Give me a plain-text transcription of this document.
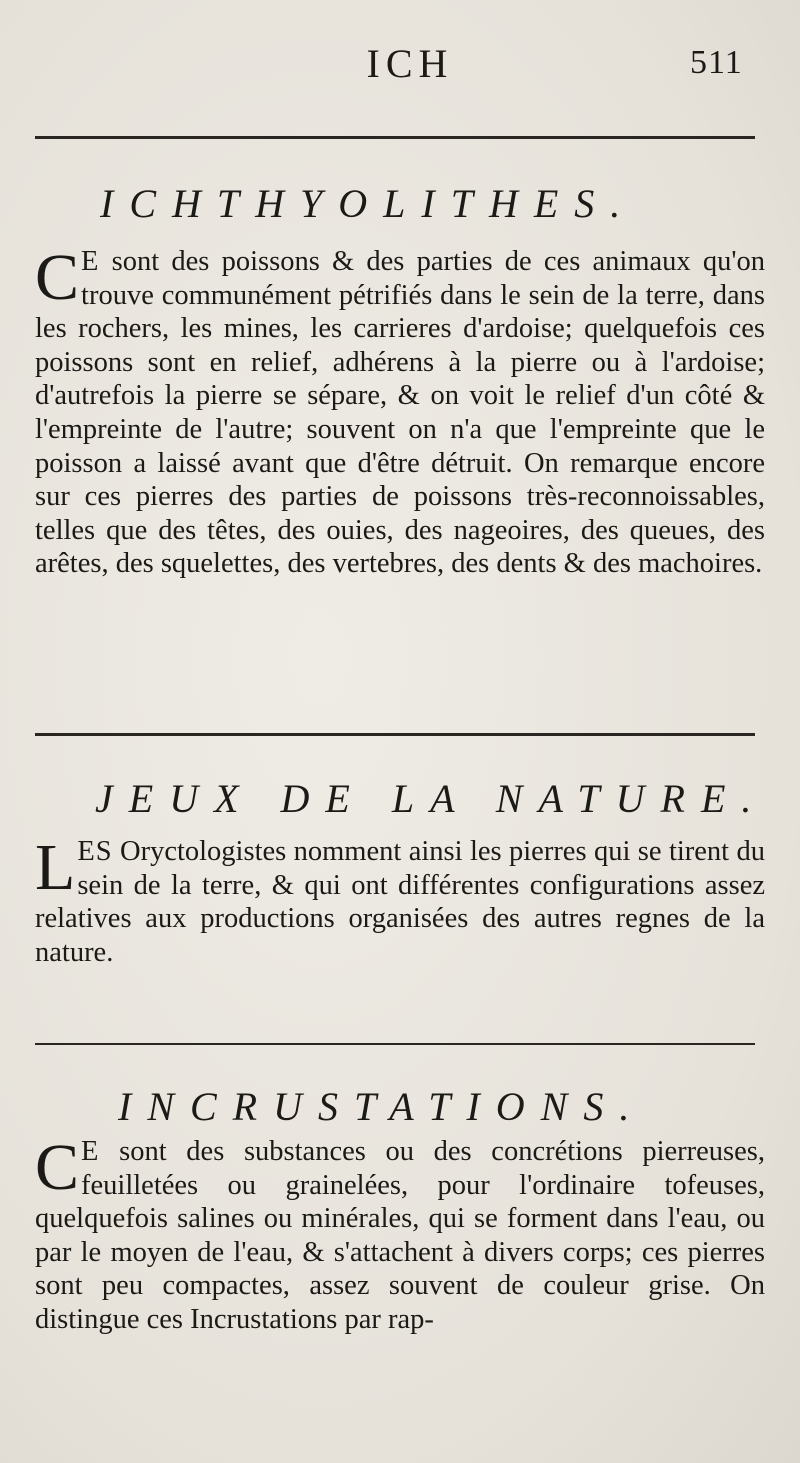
ICH	511
ICHTHYOLITHES.
C E sont des poissons & des parties de ces animaux qu'on trouve communément pétrifiés dans le sein de la terre, dans les rochers, les mines, les carrieres d'ardoise; quelquefois ces poissons sont en relief, adhérens à la pierre ou à l'ardoise; d'autrefois la pierre se sépare, & on voit le relief d'un côté & l'empreinte de l'autre; souvent on n'a que l'empreinte que le poisson a laissé avant que d'être détruit. On remarque encore sur ces pierres des parties de poissons très-reconnoissables, telles que des têtes, des ouies, des nageoires, des queues, des arêtes, des squelettes, des vertebres, des dents & des machoires.
JEUX DE LA NATURE.
LES Oryctologistes nomment ainsi les pierres qui se tirent du sein de la terre, & qui ont différentes configurations assez relatives aux productions organisées des autres regnes de la nature.
INCRUSTATIONS.
C E sont des substances ou des concrétions pierreuses, feuilletées ou grainelées, pour l'ordinaire tofeuses, quelquefois salines ou minérales, qui se forment dans l'eau, ou par le moyen de l'eau, & s'attachent à divers corps; ces pierres sont peu compactes, assez souvent de couleur grise. On distingue ces Incrustations par rap-
